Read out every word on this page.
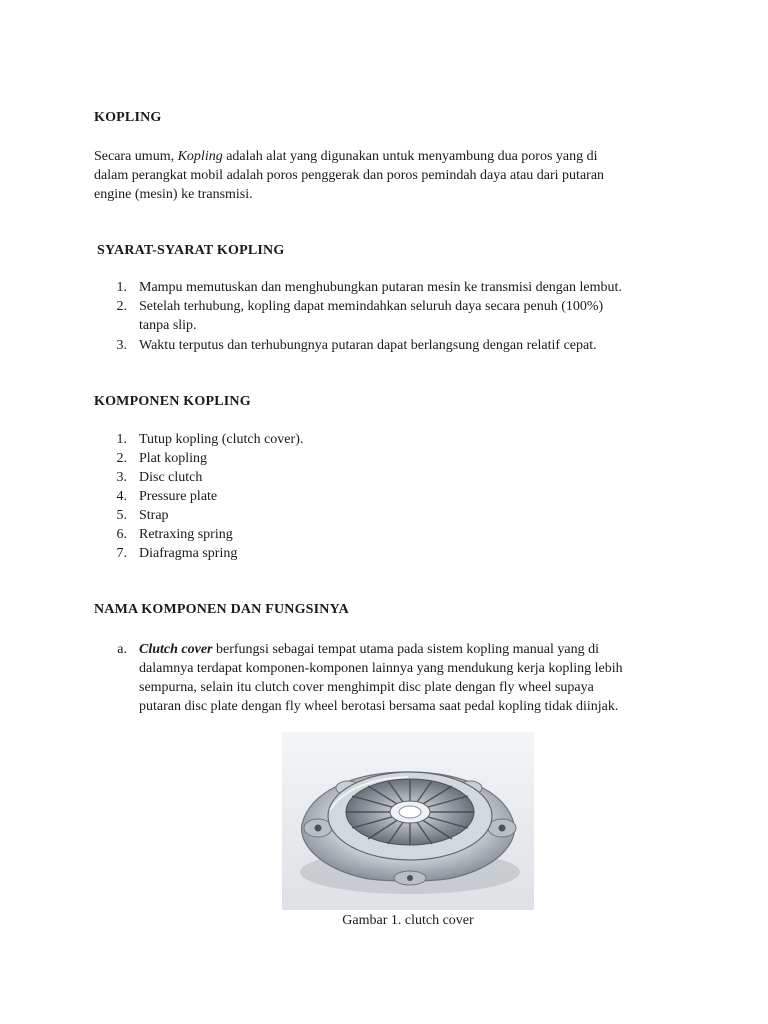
KOPLING
Secara umum, Kopling adalah alat yang digunakan untuk menyambung dua poros yang di
dalam perangkat mobil adalah poros penggerak dan poros pemindah daya atau dari putaran
engine (mesin) ke transmisi.
SYARAT-SYARAT KOPLING
1. Mampu memutuskan dan menghubungkan putaran mesin ke transmisi dengan lembut.
2. Setelah terhubung, kopling dapat memindahkan seluruh daya secara penuh (100%)
tanpa slip.
3. Waktu terputus dan terhubungnya putaran dapat berlangsung dengan relatif cepat.
KOMPONEN KOPLING
1. Tutup kopling (clutch cover).
2. Plat kopling
3. Disc clutch
4. Pressure plate
5. Strap
6. Retraxing spring
7. Diafragma spring
NAMA KOMPONEN DAN FUNGSINYA
a. Clutch cover berfungsi sebagai tempat utama pada sistem kopling manual yang di
dalamnya terdapat komponen-komponen lainnya yang mendukung kerja kopling lebih
sempurna, selain itu clutch cover menghimpit disc plate dengan fly wheel supaya
putaran disc plate dengan fly wheel berotasi bersama saat pedal kopling tidak diinjak.
Gambar 1. clutch cover
